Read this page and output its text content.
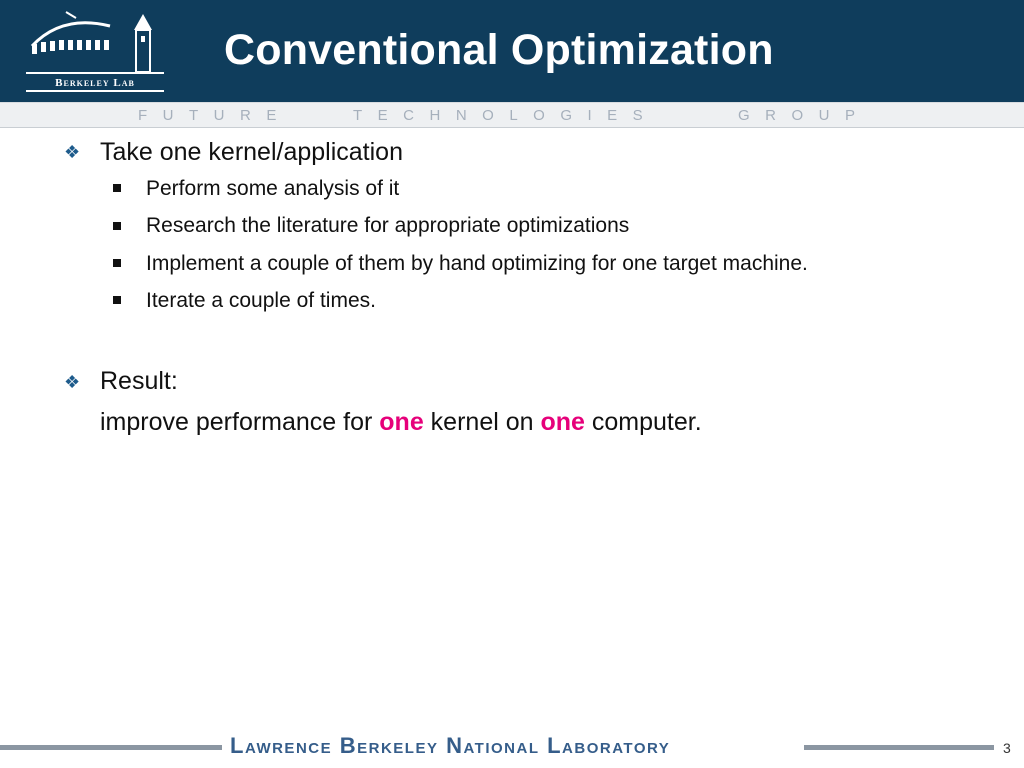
Berkeley Lab
Conventional Optimization
FUTURE	TECHNOLOGIES	GROUP
❖ Take one kernel/application
Perform some analysis of it
Research the literature for appropriate optimizations
Implement a couple of them by hand optimizing for one target machine.
Iterate a couple of times.
❖ Result:
improve performance for one kernel on one computer.
Lawrence Berkeley National Laboratory	3
